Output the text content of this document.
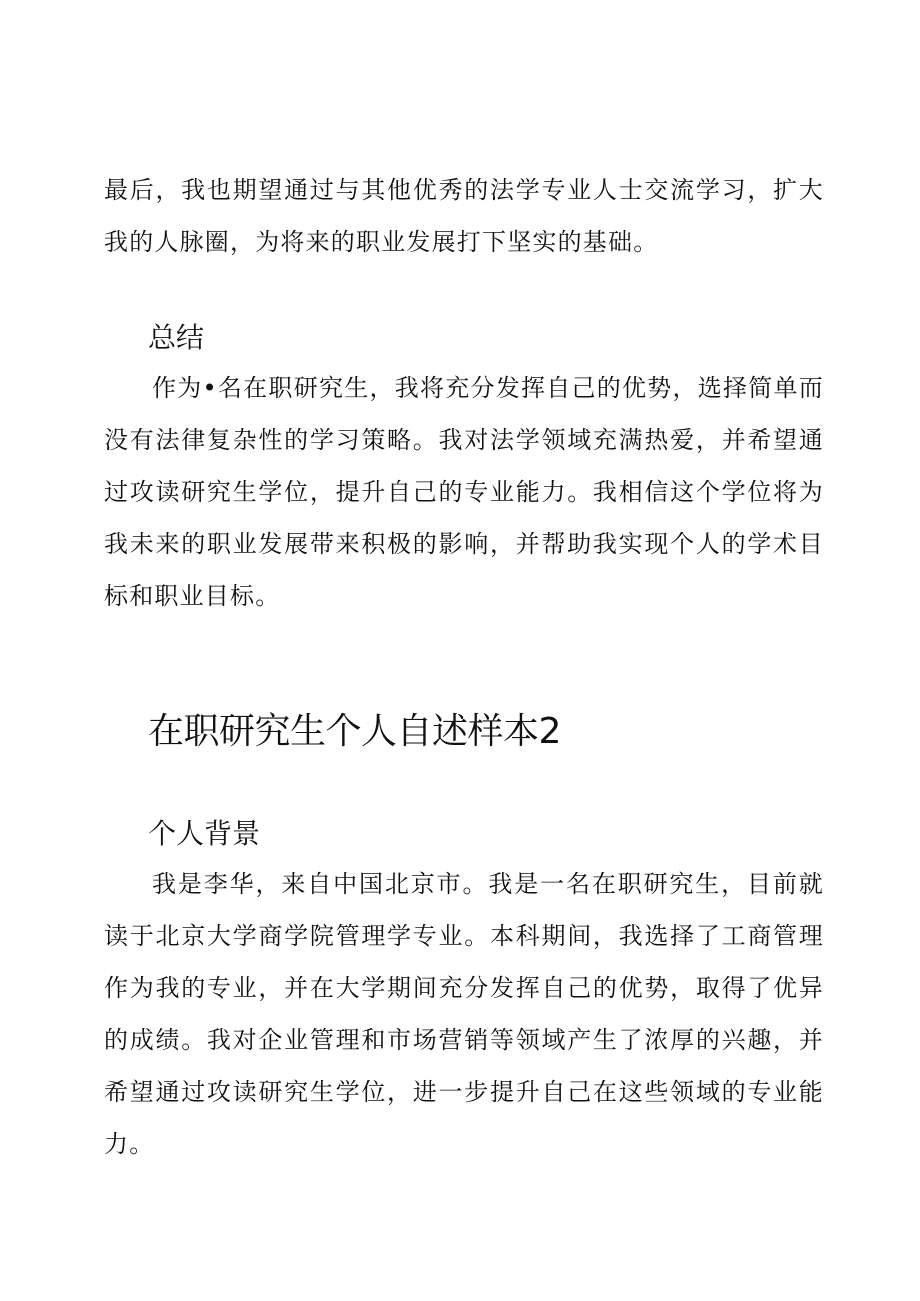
最后，我也期望通过与其他优秀的法学专业人士交流学习，扩大我的人脉圈，为将来的职业发展打下坚实的基础。

总结

作为•名在职研究生，我将充分发挥自己的优势，选择简单而没有法律复杂性的学习策略。我对法学领域充满热爱，并希望通过攻读研究生学位，提升自己的专业能力。我相信这个学位将为我未来的职业发展带来积极的影响，并帮助我实现个人的学术目标和职业目标。

在职研究生个人自述样本2
个人背景

我是李华，来自中国北京市。我是一名在职研究生，目前就读于北京大学商学院管理学专业。本科期间，我选择了工商管理作为我的专业，并在大学期间充分发挥自己的优势，取得了优异的成绩。我对企业管理和市场营销等领域产生了浓厚的兴趣，并希望通过攻读研究生学位，进一步提升自己在这些领域的专业能力。
